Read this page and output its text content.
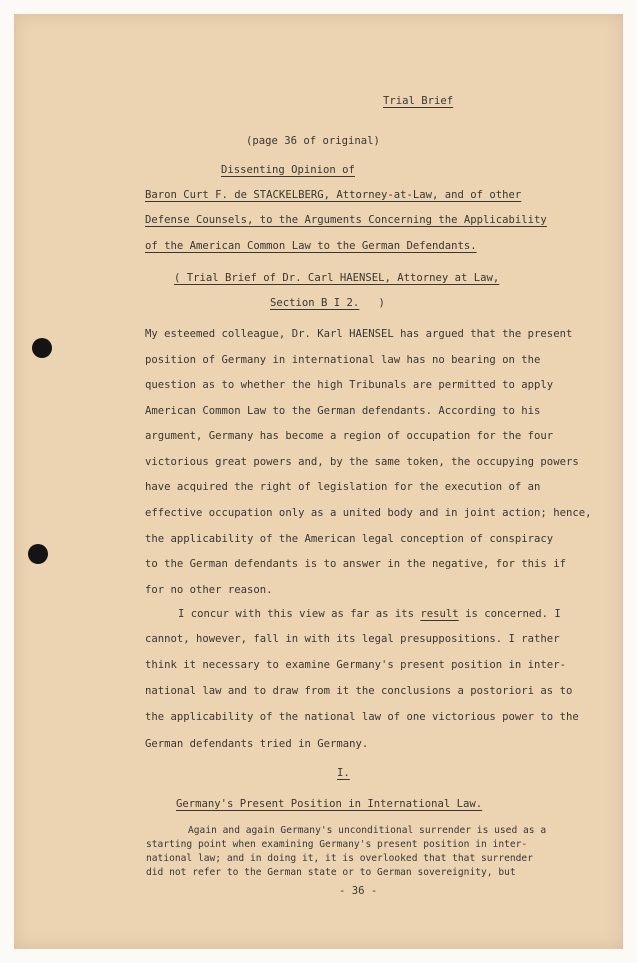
Trial Brief
(page 36 of original)
Dissenting Opinion of
Baron Curt F. de STACKELBERG, Attorney-at-Law, and of other
Defense Counsels, to the Arguments Concerning the Applicability
of the American Common Law to the German Defendants.
( Trial Brief of Dr. Carl HAENSEL, Attorney at Law,
Section B I 2. )
My esteemed colleague, Dr. Karl HAENSEL has argued that the present
position of Germany in international law has no bearing on the
question as to whether the high Tribunals are permitted to apply
American Common Law to the German defendants. According to his
argument, Germany has become a region of occupation for the four
victorious great powers and, by the same token, the occupying powers
have acquired the right of legislation for the execution of an
effective occupation only as a united body and in joint action; hence,
the applicability of the American legal conception of conspiracy
to the German defendants is to answer in the negative, for this if
for no other reason.
I concur with this view as far as its result is concerned. I
cannot, however, fall in with its legal presuppositions. I rather
think it necessary to examine Germany's present position in inter-
national law and to draw from it the conclusions a postoriori as to
the applicability of the national law of one victorious power to the
German defendants tried in Germany.
I.
Germany's Present Position in International Law.
Again and again Germany's unconditional surrender is used as a
starting point when examining Germany's present position in inter-
national law; and in doing it, it is overlooked that that surrender
did not refer to the German state or to German sovereignity, but
- 36 -
